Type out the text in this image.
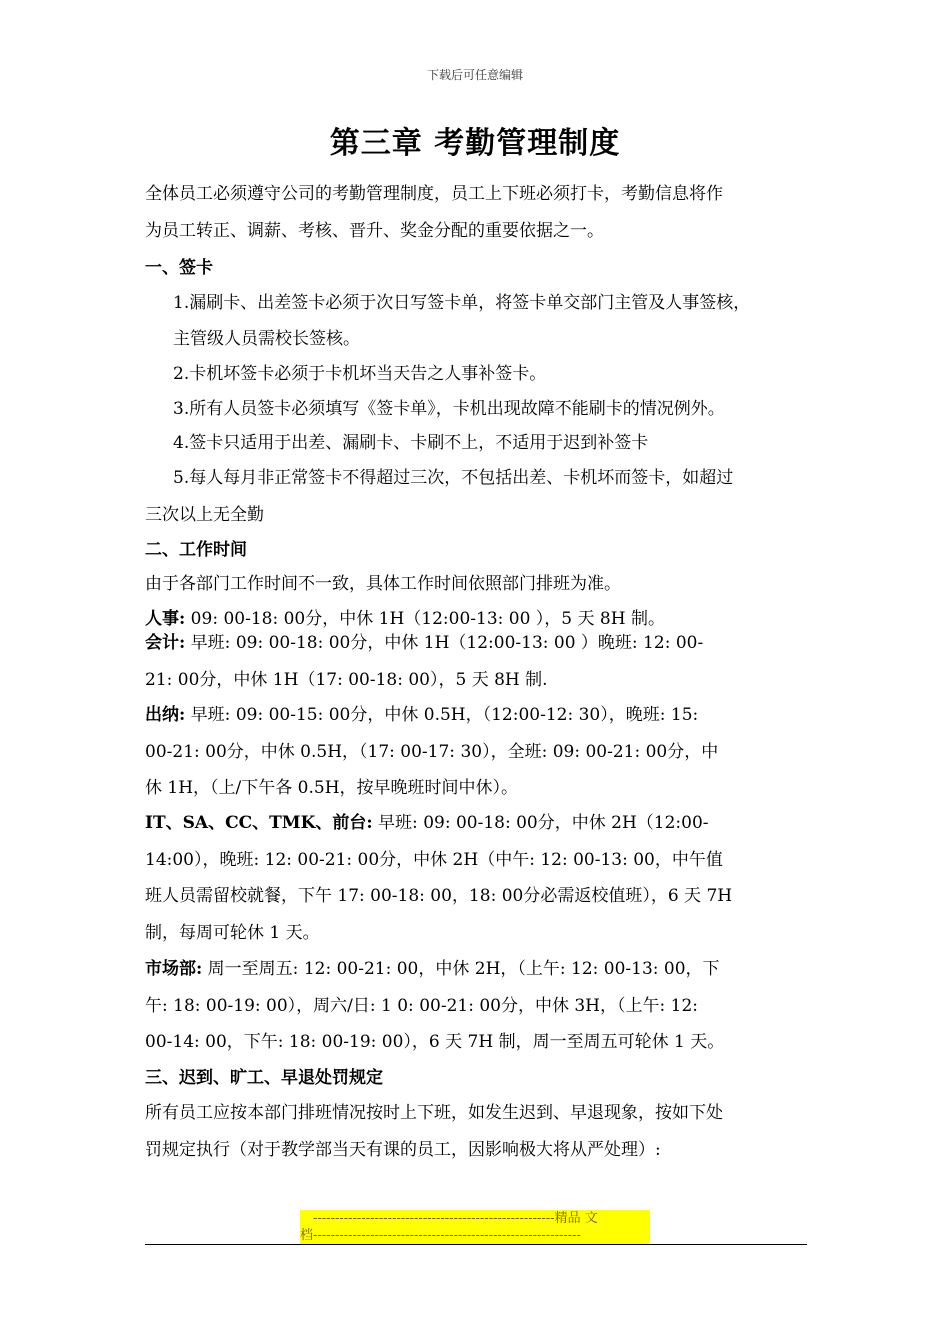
下载后可任意编辑
第三章 考勤管理制度
全体员工必须遵守公司的考勤管理制度，员工上下班必须打卡，考勤信息将作
为员工转正、调薪、考核、晋升、奖金分配的重要依据之一。
一、签卡
1.漏刷卡、出差签卡必须于次日写签卡单，将签卡单交部门主管及人事签核，
主管级人员需校长签核。
2.卡机坏签卡必须于卡机坏当天告之人事补签卡。
3.所有人员签卡必须填写《签卡单》，卡机出现故障不能刷卡的情况例外。
4.签卡只适用于出差、漏刷卡、卡刷不上，不适用于迟到补签卡
5.每人每月非正常签卡不得超过三次，不包括出差、卡机坏而签卡，如超过
三次以上无全勤
二、工作时间
由于各部门工作时间不一致，具体工作时间依照部门排班为准。
人事: 09: 00-18: 00分，中休 1H（12:00-13: 00 ），5 天 8H 制。
会计: 早班: 09: 00-18: 00分，中休 1H（12:00-13: 00 ）晚班: 12: 00-
21: 00分，中休 1H（17: 00-18: 00），5 天 8H 制.
出纳: 早班: 09: 00-15: 00分，中休 0.5H，（12:00-12: 30），晚班: 15:
00-21: 00分，中休 0.5H，（17: 00-17: 30），全班: 09: 00-21: 00分，中
休 1H，（上/下午各 0.5H，按早晚班时间中休）。
IT、SA、CC、TMK、前台: 早班: 09: 00-18: 00分，中休 2H（12:00-
14:00），晚班: 12: 00-21: 00分，中休 2H（中午: 12: 00-13: 00，中午值
班人员需留校就餐，下午 17: 00-18: 00，18: 00分必需返校值班），6 天 7H
制，每周可轮休 1 天。
市场部: 周一至周五: 12: 00-21: 00，中休 2H，（上午: 12: 00-13: 00，下
午: 18: 00-19: 00），周六/日: 1 0: 00-21: 00分，中休 3H，（上午: 12:
00-14: 00，下午: 18: 00-19: 00），6 天 7H 制，周一至周五可轮休 1 天。
三、迟到、旷工、早退处罚规定
所有员工应按本部门排班情况按时上下班，如发生迟到、早退现象，按如下处
罚规定执行（对于教学部当天有课的员工，因影响极大将从严处理）:
-------------------------------------------------------精品 文
档-------------------------------------------------------------
